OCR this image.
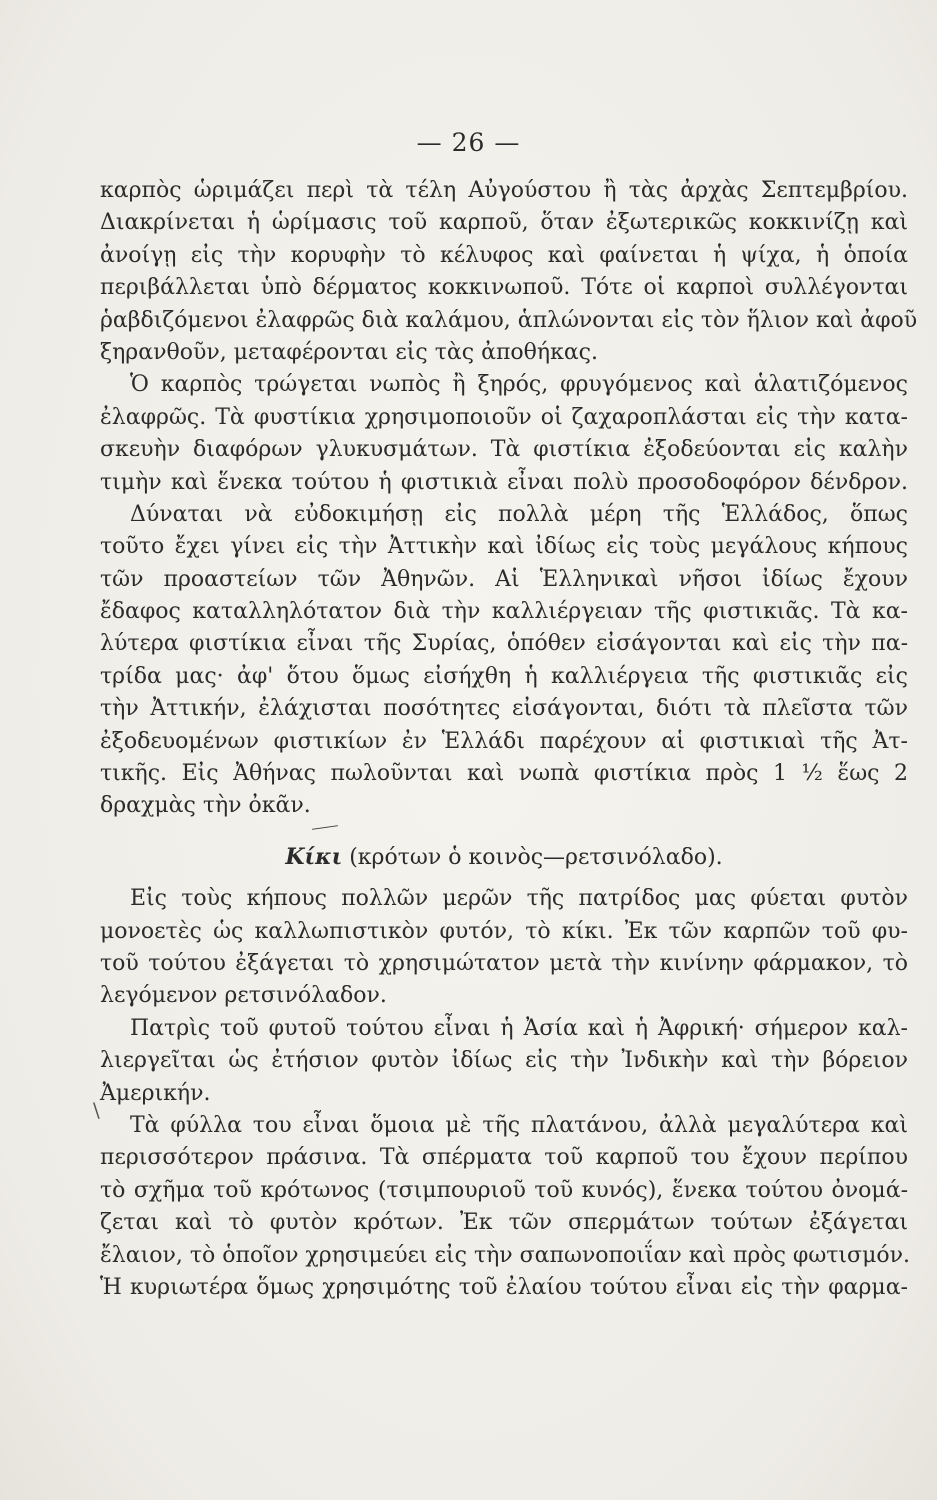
— 26 —
καρπὸς ὡριμάζει περὶ τὰ τέλη Αὐγούστου ἢ τὰς ἀρχὰς Σεπτεμβρίου.
Διακρίνεται ἡ ὡρίμασις τοῦ καρποῦ, ὅταν ἐξωτερικῶς κοκκινίζῃ καὶ
ἀνοίγῃ εἰς τὴν κορυφὴν τὸ κέλυφος καὶ φαίνεται ἡ ψίχα, ἡ ὁποία
περιβάλλεται ὑπὸ δέρματος κοκκινωποῦ. Τότε οἱ καρποὶ συλλέγονται
ῥαβδιζόμενοι ἐλαφρῶς διὰ καλάμου, ἁπλώνονται εἰς τὸν ἥλιον καὶ ἀφοῦ
ξηρανθοῦν, μεταφέρονται εἰς τὰς ἀποθήκας.
Ὁ καρπὸς τρώγεται νωπὸς ἢ ξηρός, φρυγόμενος καὶ ἁλατιζόμενος
ἐλαφρῶς. Τὰ φυστίκια χρησιμοποιοῦν οἱ ζαχαροπλάσται εἰς τὴν κατα-
σκευὴν διαφόρων γλυκυσμάτων. Τὰ φιστίκια ἐξοδεύονται εἰς καλὴν
τιμὴν καὶ ἕνεκα τούτου ἡ φιστικιὰ εἶναι πολὺ προσοδοφόρον δένδρον.
Δύναται νὰ εὐδοκιμήσῃ εἰς πολλὰ μέρη τῆς Ἑλλάδος, ὅπως
τοῦτο ἔχει γίνει εἰς τὴν Ἀττικὴν καὶ ἰδίως εἰς τοὺς μεγάλους κήπους
τῶν προαστείων τῶν Ἀθηνῶν. Αἱ Ἑλληνικαὶ νῆσοι ἰδίως ἔχουν
ἔδαφος καταλληλότατον διὰ τὴν καλλιέργειαν τῆς φιστικιᾶς. Τὰ κα-
λύτερα φιστίκια εἶναι τῆς Συρίας, ὁπόθεν εἰσάγονται καὶ εἰς τὴν πα-
τρίδα μας· ἀφ' ὅτου ὅμως εἰσήχθη ἡ καλλιέργεια τῆς φιστικιᾶς εἰς
τὴν Ἀττικήν, ἐλάχισται ποσότητες εἰσάγονται, διότι τὰ πλεῖστα τῶν
ἐξοδευομένων φιστικίων ἐν Ἑλλάδι παρέχουν αἱ φιστικιαὶ τῆς Ἀτ-
τικῆς. Εἰς Ἀθήνας πωλοῦνται καὶ νωπὰ φιστίκια πρὸς 1 ½ ἕως 2
δραχμὰς τὴν ὀκᾶν.
Κίκι (κρότων ὁ κοινὸς—ρετσινόλαδο).
Εἰς τοὺς κήπους πολλῶν μερῶν τῆς πατρίδος μας φύεται φυτὸν
μονοετὲς ὡς καλλωπιστικὸν φυτόν, τὸ κίκι. Ἐκ τῶν καρπῶν τοῦ φυ-
τοῦ τούτου ἐξάγεται τὸ χρησιμώτατον μετὰ τὴν κινίνην φάρμακον, τὸ
λεγόμενον ρετσινόλαδον.
Πατρὶς τοῦ φυτοῦ τούτου εἶναι ἡ Ἀσία καὶ ἡ Ἀφρική· σήμερον καλ-
λιεργεῖται ὡς ἐτήσιον φυτὸν ἰδίως εἰς τὴν Ἰνδικὴν καὶ τὴν βόρειον
Ἀμερικήν.
Τὰ φύλλα του εἶναι ὅμοια μὲ τῆς πλατάνου, ἀλλὰ μεγαλύτερα καὶ
περισσότερον πράσινα. Τὰ σπέρματα τοῦ καρποῦ του ἔχουν περίπου
τὸ σχῆμα τοῦ κρότωνος (τσιμπουριοῦ τοῦ κυνός), ἕνεκα τούτου ὀνομά-
ζεται καὶ τὸ φυτὸν κρότων. Ἐκ τῶν σπερμάτων τούτων ἐξάγεται
ἔλαιον, τὸ ὁποῖον χρησιμεύει εἰς τὴν σαπωνοποιΐαν καὶ πρὸς φωτισμόν.
Ἡ κυριωτέρα ὅμως χρησιμότης τοῦ ἐλαίου τούτου εἶναι εἰς τὴν φαρμα-
\
